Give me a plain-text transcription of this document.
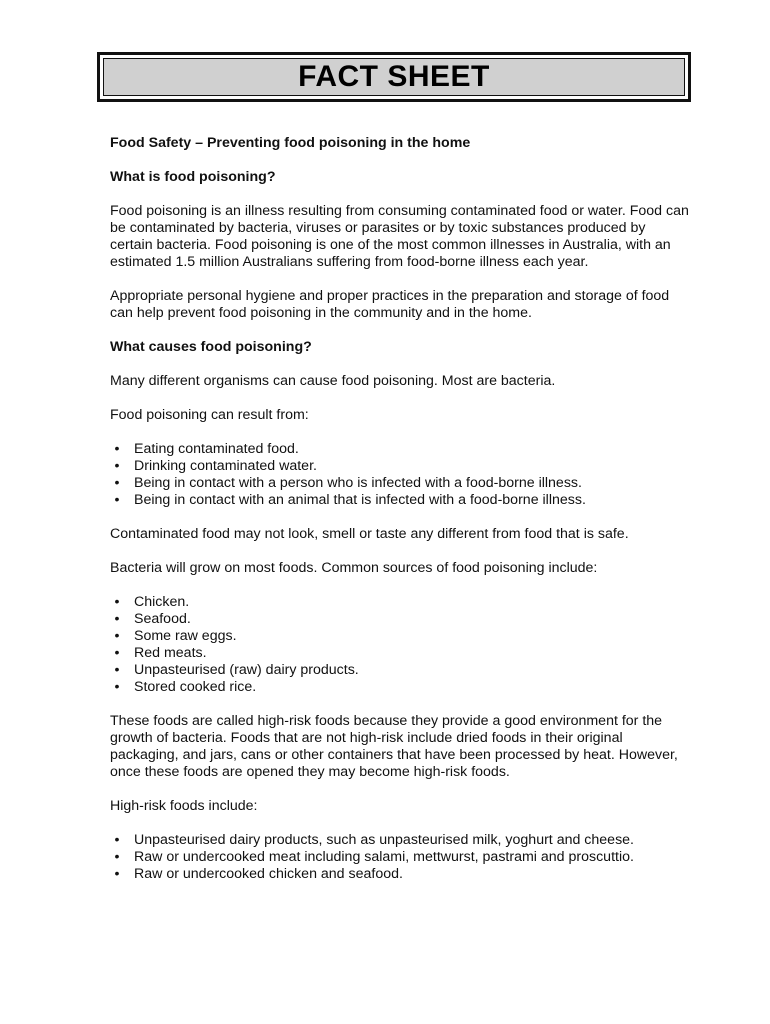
FACT SHEET

Food Safety – Preventing food poisoning in the home

What is food poisoning?

Food poisoning is an illness resulting from consuming contaminated food or water. Food can be contaminated by bacteria, viruses or parasites or by toxic substances produced by certain bacteria. Food poisoning is one of the most common illnesses in Australia, with an estimated 1.5 million Australians suffering from food-borne illness each year.

Appropriate personal hygiene and proper practices in the preparation and storage of food can help prevent food poisoning in the community and in the home.

What causes food poisoning?

Many different organisms can cause food poisoning. Most are bacteria.

Food poisoning can result from:

• Eating contaminated food.
• Drinking contaminated water.
• Being in contact with a person who is infected with a food-borne illness.
• Being in contact with an animal that is infected with a food-borne illness.

Contaminated food may not look, smell or taste any different from food that is safe.

Bacteria will grow on most foods. Common sources of food poisoning include:

• Chicken.
• Seafood.
• Some raw eggs.
• Red meats.
• Unpasteurised (raw) dairy products.
• Stored cooked rice.

These foods are called high-risk foods because they provide a good environment for the growth of bacteria. Foods that are not high-risk include dried foods in their original packaging, and jars, cans or other containers that have been processed by heat. However, once these foods are opened they may become high-risk foods.

High-risk foods include:

• Unpasteurised dairy products, such as unpasteurised milk, yoghurt and cheese.
• Raw or undercooked meat including salami, mettwurst, pastrami and proscuttio.
• Raw or undercooked chicken and seafood.
